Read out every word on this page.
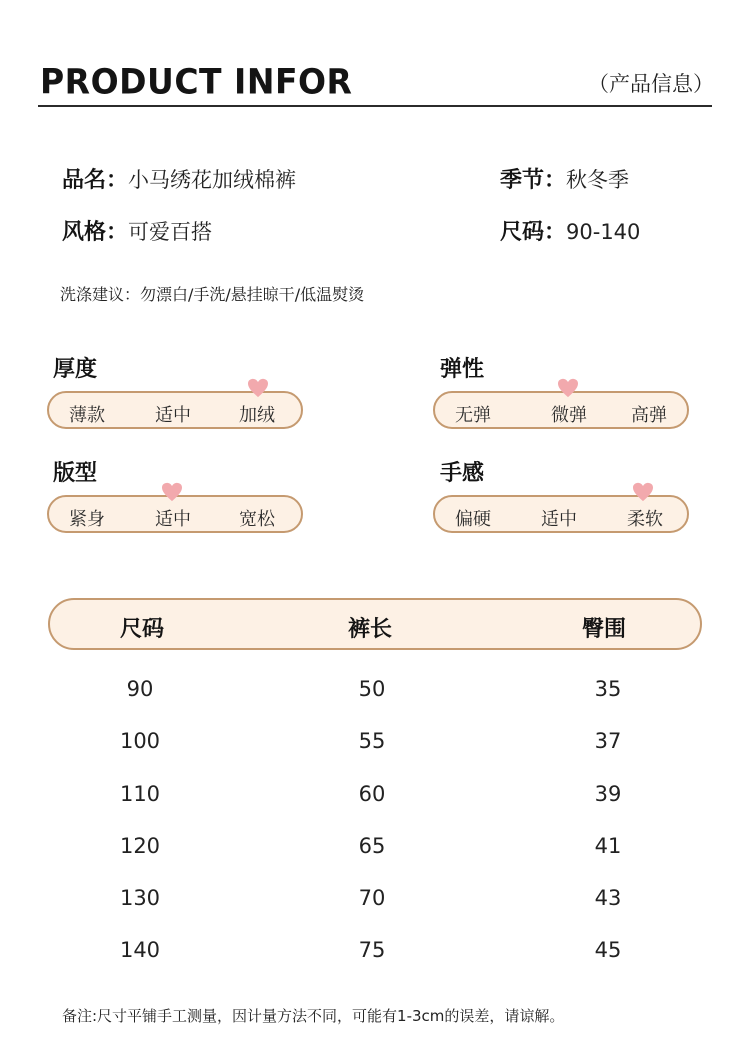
PRODUCT INFOR	（产品信息）
品名：小马绣花加绒棉裤	季节：秋冬季
风格：可爱百搭	尺码：90-140
洗涤建议：勿漂白/手洗/悬挂晾干/低温熨烫
厚度
薄款	适中	加绒
弹性
无弹	微弹 高弹
版型
紧身	适中	宽松
手感
偏硬	适中	柔软
尺码	裤长	臀围
90	50	35
100	55	37
110	60	39
120	65	41
130	70	43
140	75	45
备注:尺寸平铺手工测量，因计量方法不同，可能有1-3cm的误差，请谅解。
